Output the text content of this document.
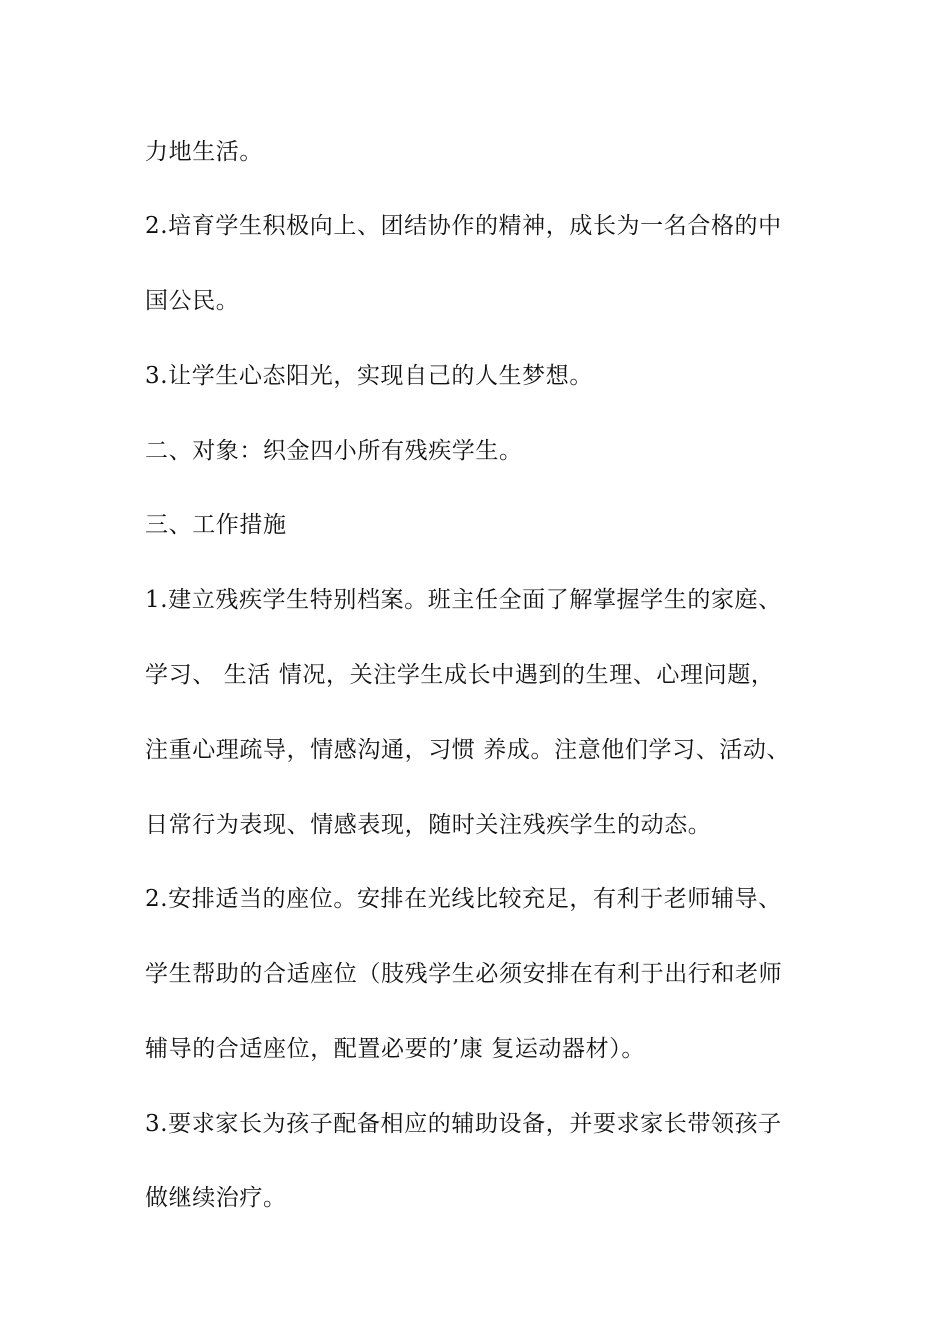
力地生活。
2.培育学生积极向上、团结协作的精神，成长为一名合格的中
国公民。
3.让学生心态阳光，实现自己的人生梦想。
二、对象：织金四小所有残疾学生。
三、工作措施
1.建立残疾学生特别档案。班主任全面了解掌握学生的家庭、
学习、 生活 情况，关注学生成长中遇到的生理、心理问题，
注重心理疏导，情感沟通，习惯 养成。注意他们学习、活动、
日常行为表现、情感表现，随时关注残疾学生的动态。
2.安排适当的座位。安排在光线比较充足，有利于老师辅导、
学生帮助的合适座位（肢残学生必须安排在有利于出行和老师
辅导的合适座位，配置必要的’康 复运动器材）。
3.要求家长为孩子配备相应的辅助设备，并要求家长带领孩子
做继续治疗。
